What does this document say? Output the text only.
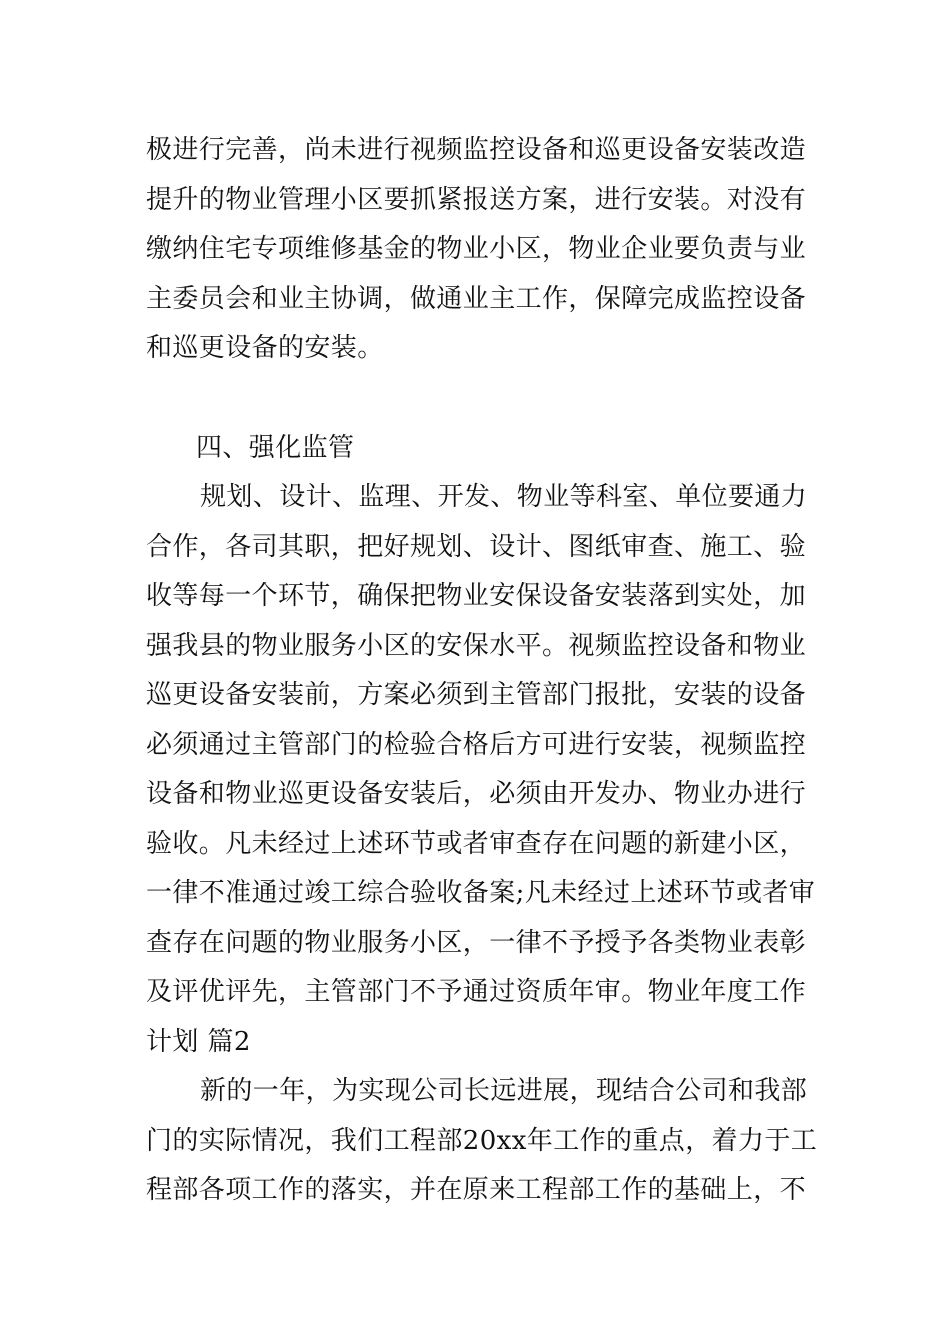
极进行完善，尚未进行视频监控设备和巡更设备安装改造
提升的物业管理小区要抓紧报送方案，进行安装。对没有
缴纳住宅专项维修基金的物业小区，物业企业要负责与业
主委员会和业主协调，做通业主工作，保障完成监控设备
和巡更设备的安装。
四、强化监管
规划、设计、监理、开发、物业等科室、单位要通力
合作，各司其职，把好规划、设计、图纸审查、施工、验
收等每一个环节，确保把物业安保设备安装落到实处，加
强我县的物业服务小区的安保水平。视频监控设备和物业
巡更设备安装前，方案必须到主管部门报批，安装的设备
必须通过主管部门的检验合格后方可进行安装，视频监控
设备和物业巡更设备安装后，必须由开发办、物业办进行
验收。凡未经过上述环节或者审查存在问题的新建小区，
一律不准通过竣工综合验收备案;凡未经过上述环节或者审
查存在问题的物业服务小区，一律不予授予各类物业表彰
及评优评先，主管部门不予通过资质年审。物业年度工作
计划 篇2
新的一年，为实现公司长远进展，现结合公司和我部
门的实际情况，我们工程部20xx年工作的重点，着力于工
程部各项工作的落实，并在原来工程部工作的基础上，不
